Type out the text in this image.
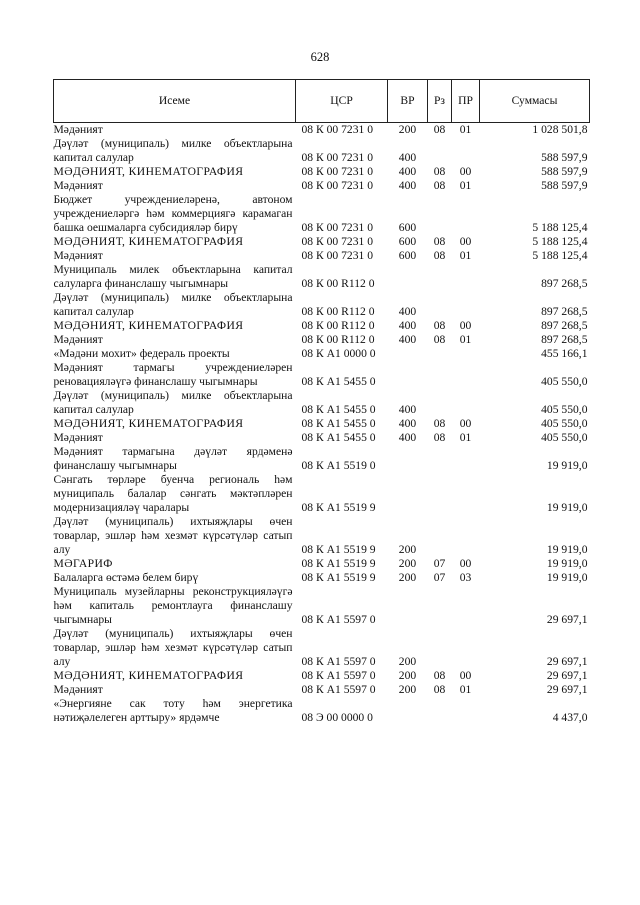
628
Исеме	ЦСР	ВР	Рз	ПР	Суммасы
Мәдәният	08 К 00 7231 0	200	08	01	1 028 501,8
Дәүләт (муниципаль) милке объектларына капитал салулар	08 К 00 7231 0	400			588 597,9
МӘДӘНИЯТ, КИНЕМАТОГРАФИЯ	08 К 00 7231 0	400	08	00	588 597,9
Мәдәният	08 К 00 7231 0	400	08	01	588 597,9
Бюджет учреждениеләренә, автоном учреждениеләргә һәм коммерциягә карамаган башка оешмаларга субсидияләр бирү	08 К 00 7231 0	600			5 188 125,4
МӘДӘНИЯТ, КИНЕМАТОГРАФИЯ	08 К 00 7231 0	600	08	00	5 188 125,4
Мәдәният	08 К 00 7231 0	600	08	01	5 188 125,4
Муниципаль милек объектларына капитал салуларга финанслашу чыгымнары	08 К 00 R112 0				897 268,5
Дәүләт (муниципаль) милке объектларына капитал салулар	08 К 00 R112 0	400			897 268,5
МӘДӘНИЯТ, КИНЕМАТОГРАФИЯ	08 К 00 R112 0	400	08	00	897 268,5
Мәдәният	08 К 00 R112 0	400	08	01	897 268,5
«Мәдәни мохит» федераль проекты	08 К А1 0000 0				455 166,1
Мәдәният тармагы учреждениеләрен реновацияләүгә финанслашу чыгымнары	08 К А1 5455 0				405 550,0
Дәүләт (муниципаль) милке объектларына капитал салулар	08 К А1 5455 0	400			405 550,0
МӘДӘНИЯТ, КИНЕМАТОГРАФИЯ	08 К А1 5455 0	400	08	00	405 550,0
Мәдәният	08 К А1 5455 0	400	08	01	405 550,0
Мәдәният тармагына дәүләт ярдәменә финанслашу чыгымнары	08 К А1 5519 0				19 919,0
Сәнгать төрләре буенча региональ һәм муниципаль балалар сәнгать мәктәпләрен модернизацияләү чаралары	08 К А1 5519 9				19 919,0
Дәүләт (муниципаль) ихтыяҗлары өчен товарлар, эшләр һәм хезмәт күрсәтүләр сатып алу	08 К А1 5519 9	200			19 919,0
МӘГАРИФ	08 К А1 5519 9	200	07	00	19 919,0
Балаларга өстәмә белем бирү	08 К А1 5519 9	200	07	03	19 919,0
Муниципаль музейларны реконструкцияләүгә һәм капиталь ремонтлауга финанслашу чыгымнары	08 К А1 5597 0				29 697,1
Дәүләт (муниципаль) ихтыяҗлары өчен товарлар, эшләр һәм хезмәт күрсәтүләр сатып алу	08 К А1 5597 0	200			29 697,1
МӘДӘНИЯТ, КИНЕМАТОГРАФИЯ	08 К А1 5597 0	200	08	00	29 697,1
Мәдәният	08 К А1 5597 0	200	08	01	29 697,1
«Энергияне сак тоту һәм энергетика нәтиҗәлелеген арттыру» ярдәмче	08 Э 00 0000 0				4 437,0
